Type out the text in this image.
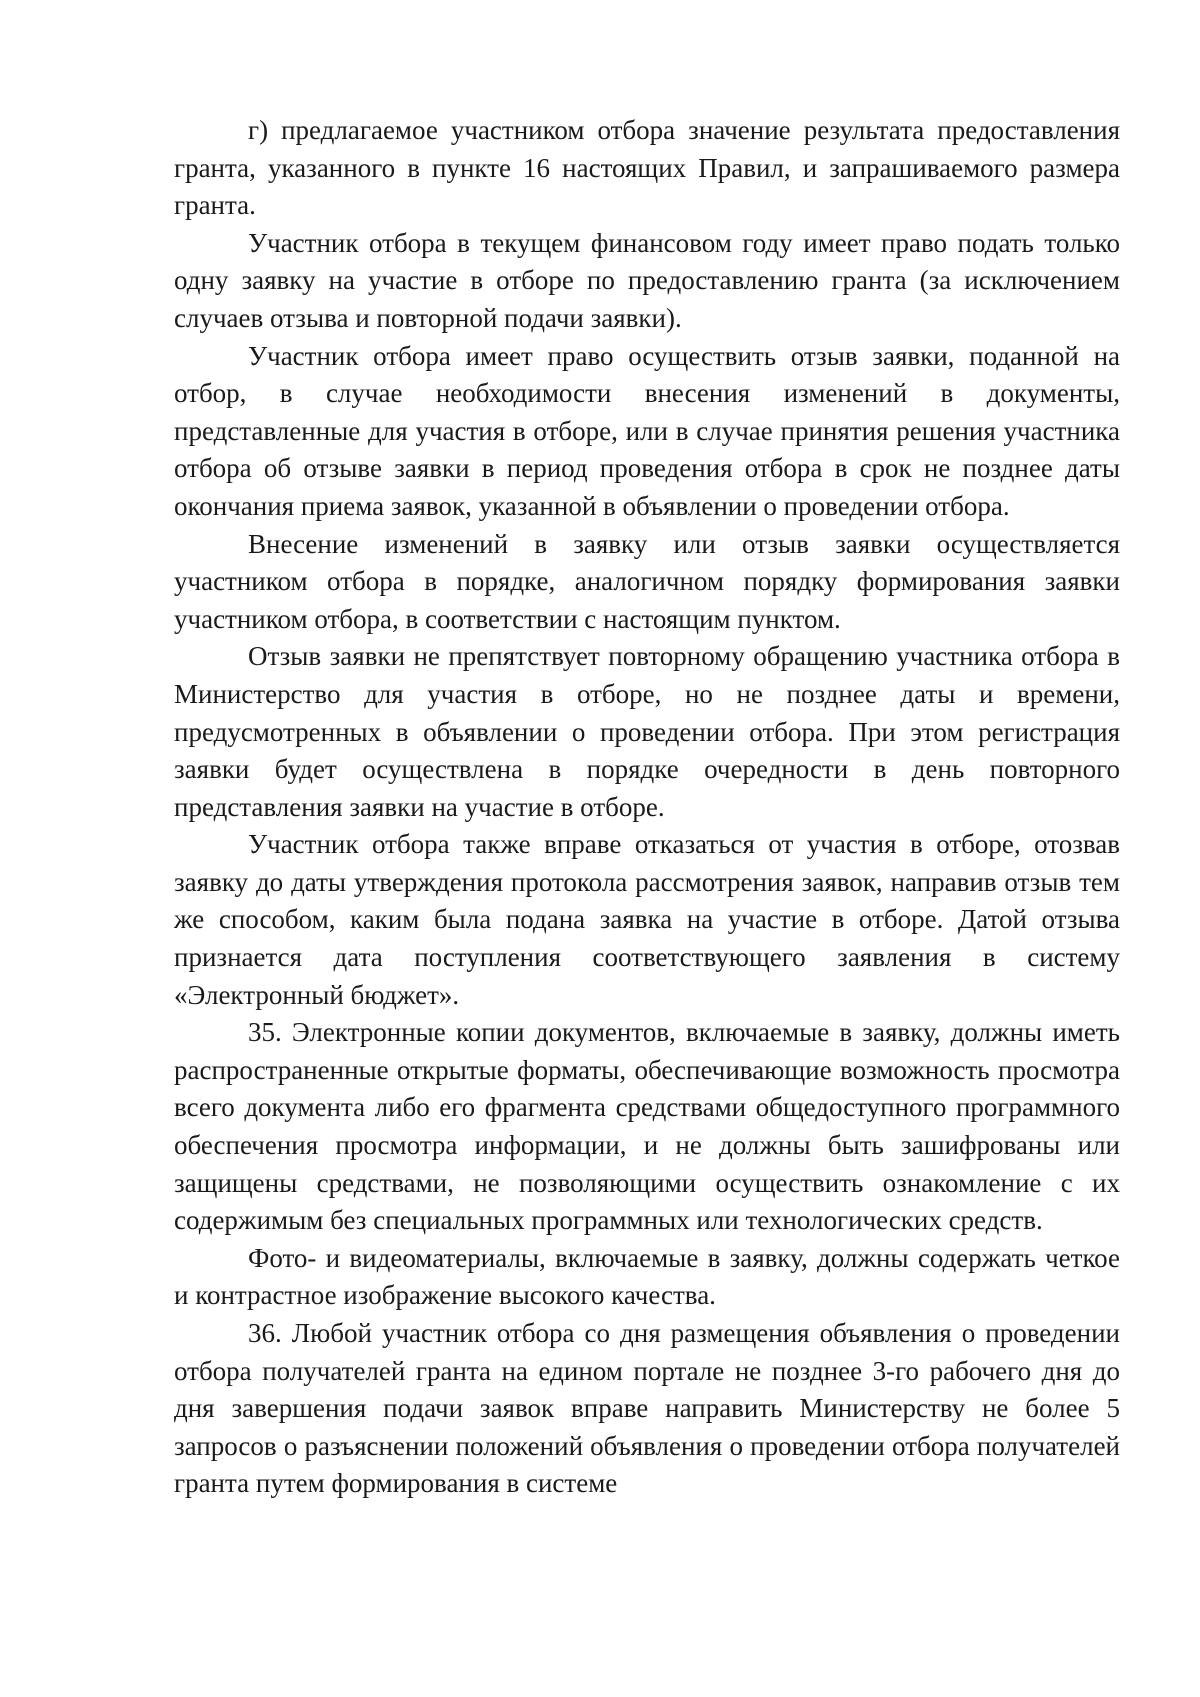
г) предлагаемое участником отбора значение результата предоставления гранта, указанного в пункте 16 настоящих Правил, и запрашиваемого размера гранта.

Участник отбора в текущем финансовом году имеет право подать только одну заявку на участие в отборе по предоставлению гранта (за исключением случаев отзыва и повторной подачи заявки).

Участник отбора имеет право осуществить отзыв заявки, поданной на отбор, в случае необходимости внесения изменений в документы, представленные для участия в отборе, или в случае принятия решения участника отбора об отзыве заявки в период проведения отбора в срок не позднее даты окончания приема заявок, указанной в объявлении о проведении отбора.

Внесение изменений в заявку или отзыв заявки осуществляется участником отбора в порядке, аналогичном порядку формирования заявки участником отбора, в соответствии с настоящим пунктом.

Отзыв заявки не препятствует повторному обращению участника отбора в Министерство для участия в отборе, но не позднее даты и времени, предусмотренных в объявлении о проведении отбора. При этом регистрация заявки будет осуществлена в порядке очередности в день повторного представления заявки на участие в отборе.

Участник отбора также вправе отказаться от участия в отборе, отозвав заявку до даты утверждения протокола рассмотрения заявок, направив отзыв тем же способом, каким была подана заявка на участие в отборе. Датой отзыва признается дата поступления соответствующего заявления в систему «Электронный бюджет».

35. Электронные копии документов, включаемые в заявку, должны иметь распространенные открытые форматы, обеспечивающие возможность просмотра всего документа либо его фрагмента средствами общедоступного программного обеспечения просмотра информации, и не должны быть зашифрованы или защищены средствами, не позволяющими осуществить ознакомление с их содержимым без специальных программных или технологических средств.

Фото- и видеоматериалы, включаемые в заявку, должны содержать четкое и контрастное изображение высокого качества.

36. Любой участник отбора со дня размещения объявления о проведении отбора получателей гранта на едином портале не позднее 3-го рабочего дня до дня завершения подачи заявок вправе направить Министерству не более 5 запросов о разъяснении положений объявления о проведении отбора получателей гранта путем формирования в системе
